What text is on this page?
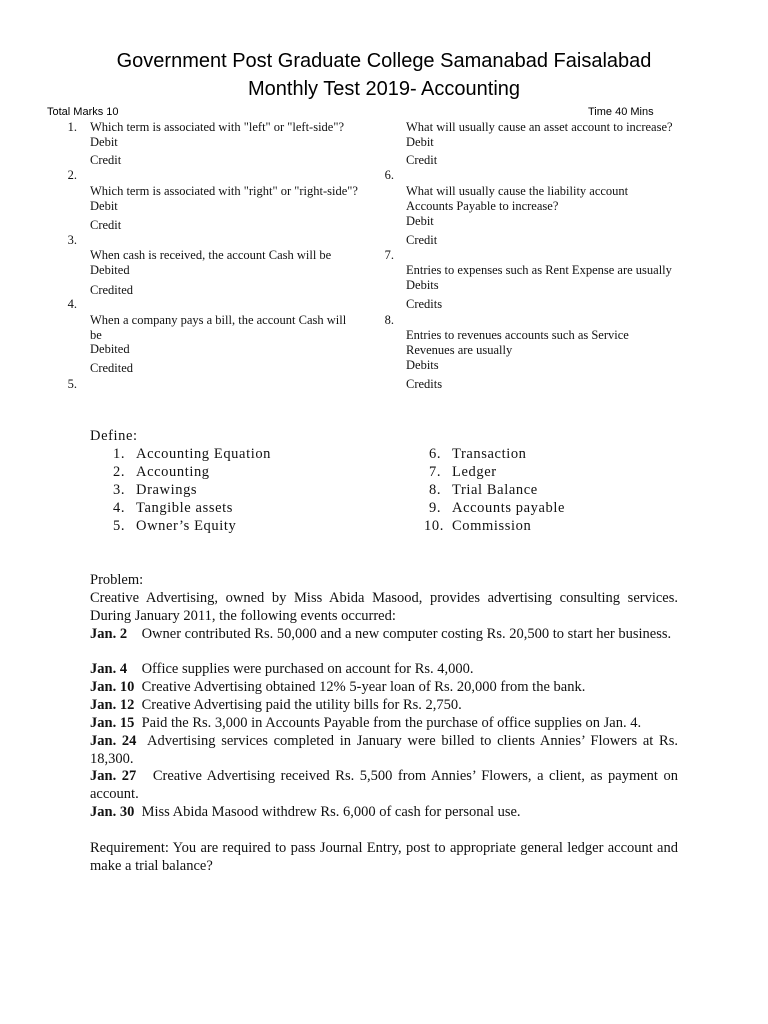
Government Post Graduate College Samanabad Faisalabad
Monthly Test 2019- Accounting
Total Marks 10	Time 40 Mins
1.
2.
3.
4.
5.
6.
7.
8.
Which term is associated with "left" or "left-side"?
Debit
Credit
Which term is associated with "right" or "right-side"?
Debit
Credit
When cash is received, the account Cash will be
Debited
Credited
When a company pays a bill, the account Cash will be
Debited
Credited
What will usually cause an asset account to increase?
Debit
Credit
What will usually cause the liability account Accounts Payable to increase?
Debit
Credit
Entries to expenses such as Rent Expense are usually
Debits
Credits
Entries to revenues accounts such as Service Revenues are usually
Debits
Credits
Define:
1. Accounting Equation
2. Accounting
3. Drawings
4. Tangible assets
5. Owner’s Equity
6. Transaction
7. Ledger
8. Trial Balance
9. Accounts payable
10. Commission
Problem:
Creative Advertising, owned by Miss Abida Masood, provides advertising consulting services. During January 2011, the following events occurred:
Jan. 2 Owner contributed Rs. 50,000 and a new computer costing Rs. 20,500 to start her business.
Jan. 4 Office supplies were purchased on account for Rs. 4,000.
Jan. 10 Creative Advertising obtained 12% 5-year loan of Rs. 20,000 from the bank.
Jan. 12 Creative Advertising paid the utility bills for Rs. 2,750.
Jan. 15 Paid the Rs. 3,000 in Accounts Payable from the purchase of office supplies on Jan. 4.
Jan. 24 Advertising services completed in January were billed to clients Annies’ Flowers at Rs. 18,300.
Jan. 27 Creative Advertising received Rs. 5,500 from Annies’ Flowers, a client, as payment on account.
Jan. 30 Miss Abida Masood withdrew Rs. 6,000 of cash for personal use.
Requirement: You are required to pass Journal Entry, post to appropriate general ledger account and make a trial balance?
